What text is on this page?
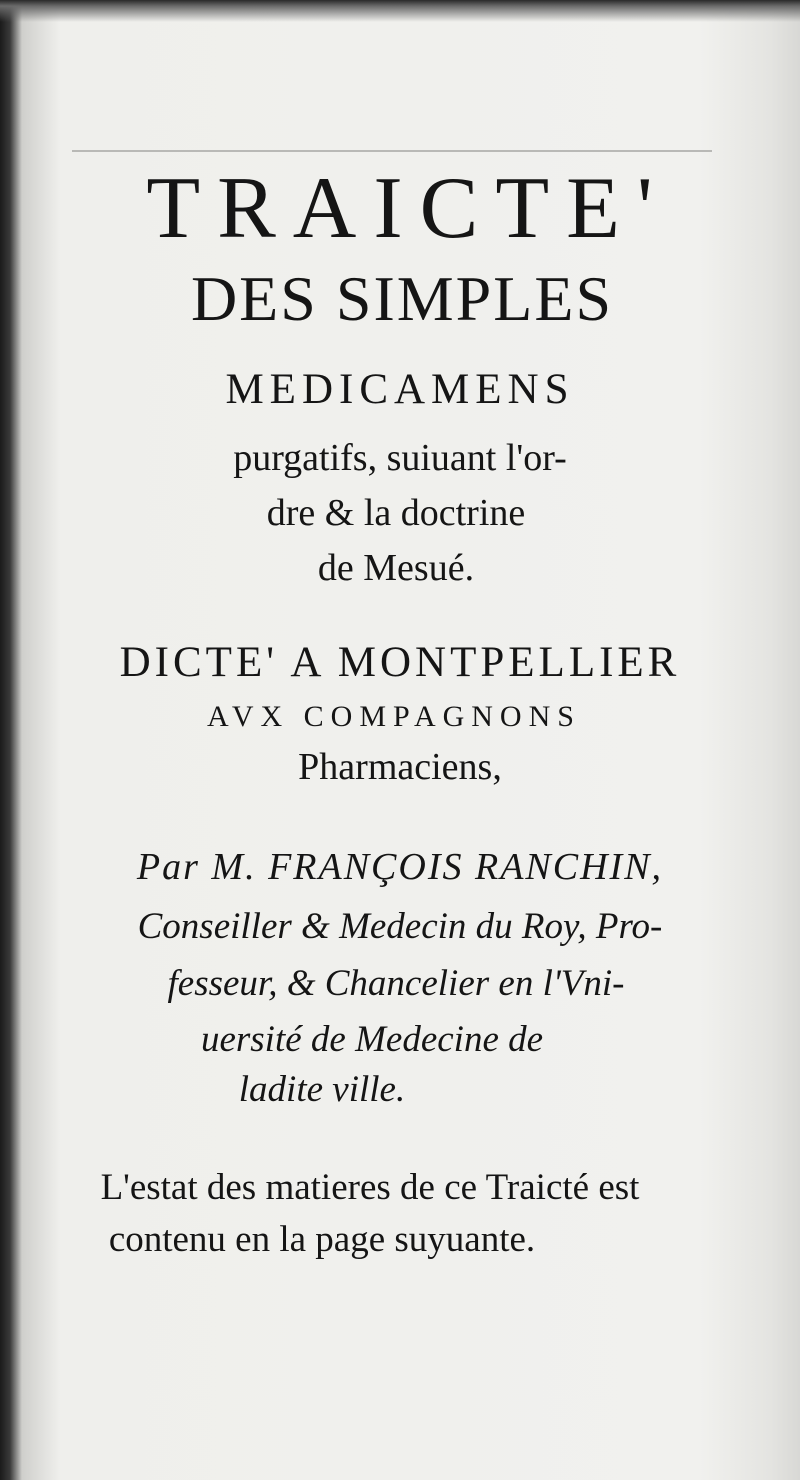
TRAICTE'
DES SIMPLES
MEDICAMENS
purgatifs, suiuant l'or-
dre & la doctrine
de Mesué.
DICTE' A MONTPELLIER
AVX COMPAGNONS
Pharmaciens,
Par M. FRANÇOIS RANCHIN,
Conseiller & Medecin du Roy, Pro-
fesseur, & Chancelier en l'Vni-
uersité de Medecine de
ladite ville.
L'estat des matieres de ce Traicté est
contenu en la page suyuante.
